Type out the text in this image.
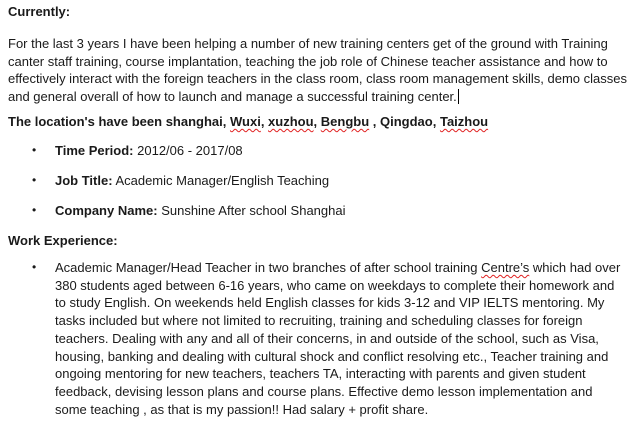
Currently:

For the last 3 years I have been helping a number of new training centers get of the ground with Training canter staff training, course implantation, teaching the job role of Chinese teacher assistance and how to effectively interact with the foreign teachers in the class room, class room management skills, demo classes and general overall of how to launch and manage a successful training center.

The location's have been shanghai, Wuxi, xuzhou, Bengbu , Qingdao, Taizhou

• Time Period: 2012/06 - 2017/08
• Job Title: Academic Manager/English Teaching
• Company Name: Sunshine After school Shanghai

Work Experience:

• Academic Manager/Head Teacher in two branches of after school training Centre’s which had over 380 students aged between 6-16 years, who came on weekdays to complete their homework and to study English. On weekends held English classes for kids 3-12 and VIP IELTS mentoring. My tasks included but where not limited to recruiting, training and scheduling classes for foreign teachers. Dealing with any and all of their concerns, in and outside of the school, such as Visa, housing, banking and dealing with cultural shock and conflict resolving etc., Teacher training and ongoing mentoring for new teachers, teachers TA, interacting with parents and given student feedback, devising lesson plans and course plans. Effective demo lesson implementation and some teaching , as that is my passion!! Had salary + profit share.
